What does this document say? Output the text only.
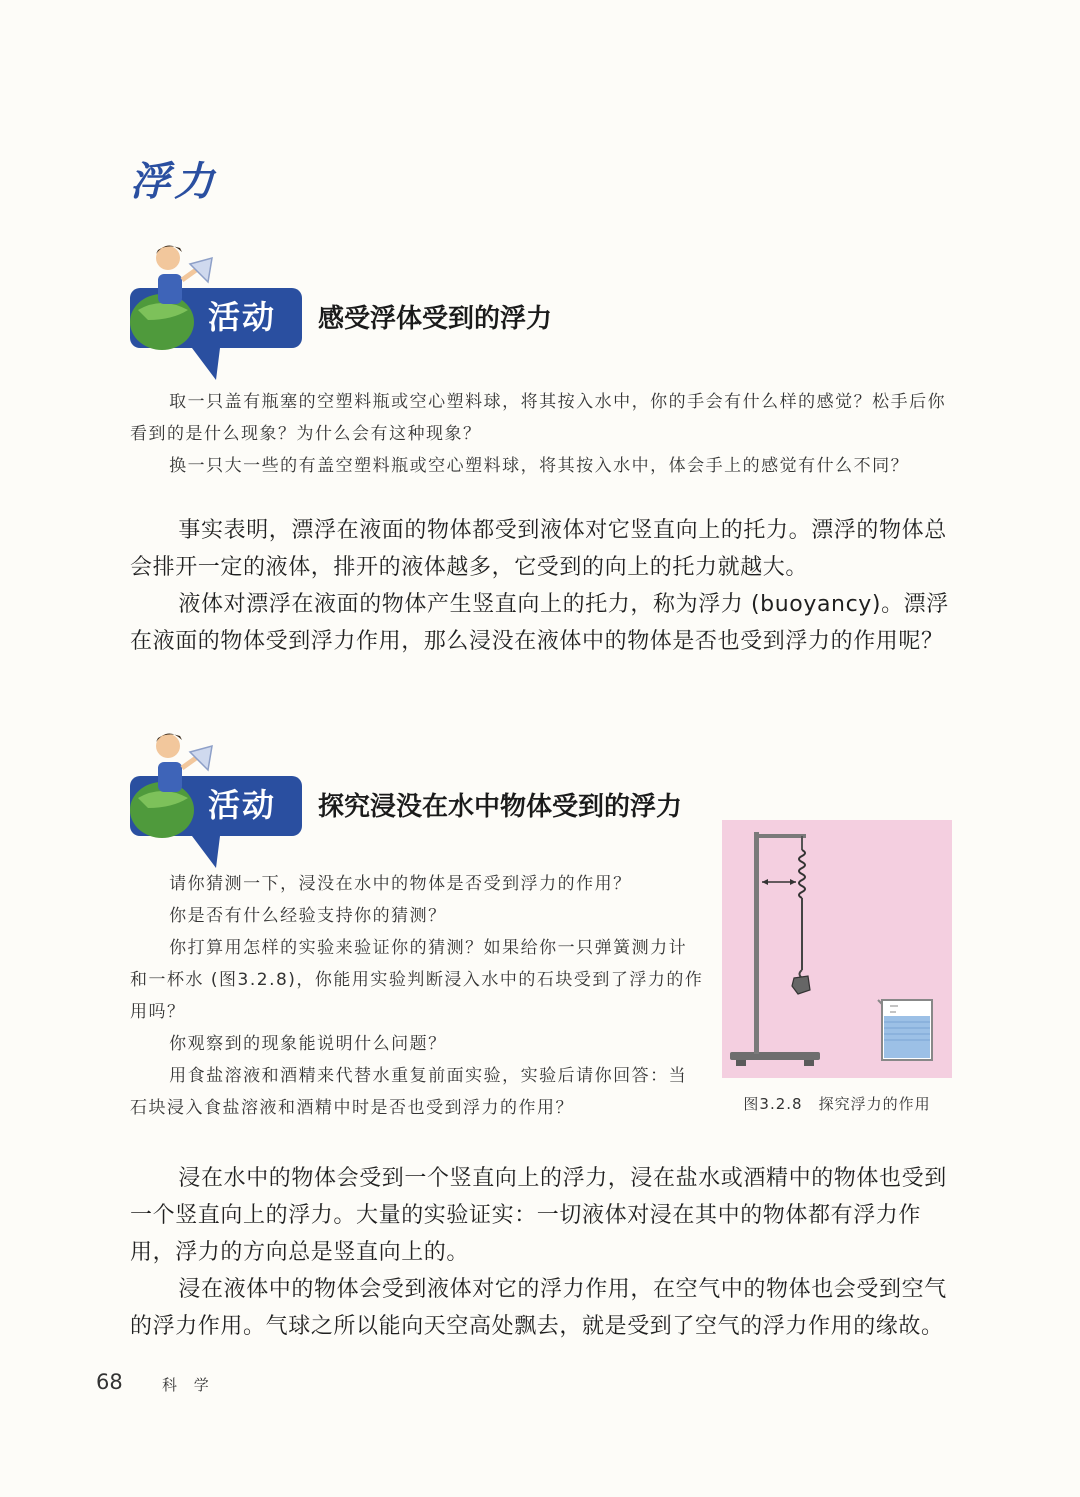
浮力
活动 感受浮体受到的浮力

取一只盖有瓶塞的空塑料瓶或空心塑料球，将其按入水中，你的手会有什么样的感觉？松手后你看到的是什么现象？为什么会有这种现象？

换一只大一些的有盖空塑料瓶或空心塑料球，将其按入水中，体会手上的感觉有什么不同？

事实表明，漂浮在液面的物体都受到液体对它竖直向上的托力。漂浮的物体总会排开一定的液体，排开的液体越多，它受到的向上的托力就越大。

液体对漂浮在液面的物体产生竖直向上的托力，称为浮力 (buoyancy)。漂浮在液面的物体受到浮力作用，那么浸没在液体中的物体是否也受到浮力的作用呢？

活动 探究浸没在水中物体受到的浮力

请你猜测一下，浸没在水中的物体是否受到浮力的作用？

你是否有什么经验支持你的猜测？

你打算用怎样的实验来验证你的猜测？如果给你一只弹簧测力计和一杯水 (图3.2.8)，你能用实验判断浸入水中的石块受到了浮力的作用吗？

你观察到的现象能说明什么问题？

用食盐溶液和酒精来代替水重复前面实验，实验后请你回答：当石块浸入食盐溶液和酒精中时是否也受到浮力的作用？	图3.2.8　探究浮力的作用

浸在水中的物体会受到一个竖直向上的浮力，浸在盐水或酒精中的物体也受到一个竖直向上的浮力。大量的实验证实：一切液体对浸在其中的物体都有浮力作用，浮力的方向总是竖直向上的。

浸在液体中的物体会受到液体对它的浮力作用，在空气中的物体也会受到空气的浮力作用。气球之所以能向天空高处飘去，就是受到了空气的浮力作用的缘故。

68	科 学
